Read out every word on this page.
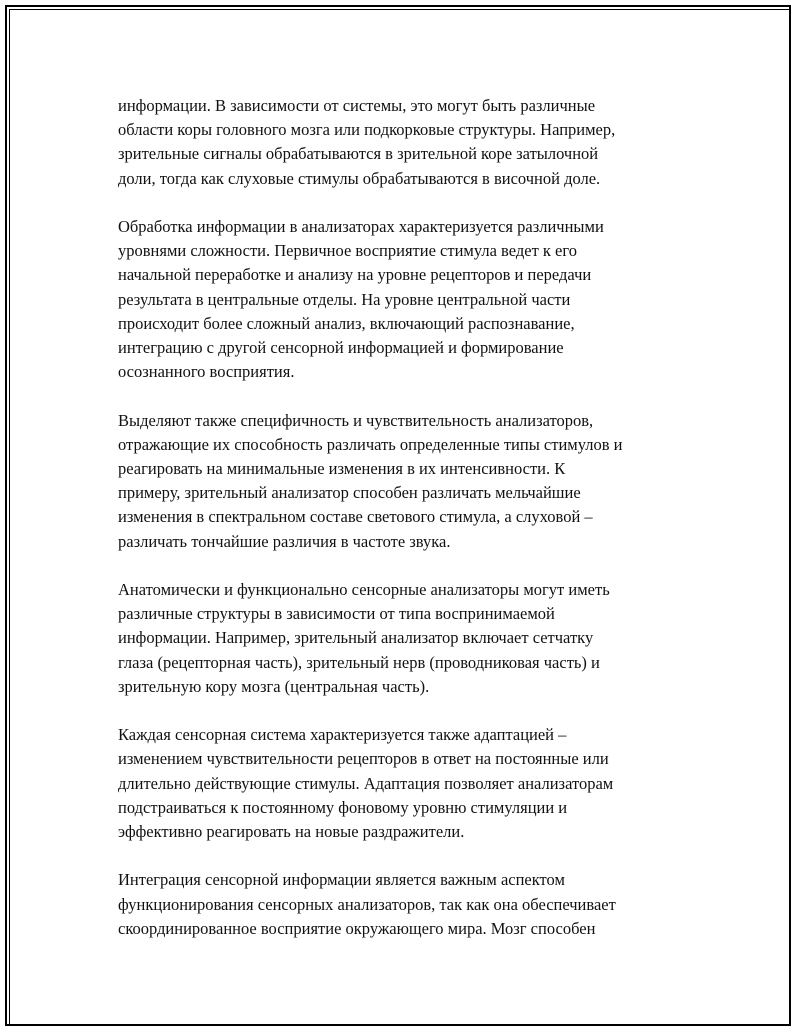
информации. В зависимости от системы, это могут быть различные
области коры головного мозга или подкорковые структуры. Например,
зрительные сигналы обрабатываются в зрительной коре затылочной
доли, тогда как слуховые стимулы обрабатываются в височной доле.

Обработка информации в анализаторах характеризуется различными
уровнями сложности. Первичное восприятие стимула ведет к его
начальной переработке и анализу на уровне рецепторов и передачи
результата в центральные отделы. На уровне центральной части
происходит более сложный анализ, включающий распознавание,
интеграцию с другой сенсорной информацией и формирование
осознанного восприятия.

Выделяют также специфичность и чувствительность анализаторов,
отражающие их способность различать определенные типы стимулов и
реагировать на минимальные изменения в их интенсивности. К
примеру, зрительный анализатор способен различать мельчайшие
изменения в спектральном составе светового стимула, а слуховой –
различать тончайшие различия в частоте звука.

Анатомически и функционально сенсорные анализаторы могут иметь
различные структуры в зависимости от типа воспринимаемой
информации. Например, зрительный анализатор включает сетчатку
глаза (рецепторная часть), зрительный нерв (проводниковая часть) и
зрительную кору мозга (центральная часть).

Каждая сенсорная система характеризуется также адаптацией –
изменением чувствительности рецепторов в ответ на постоянные или
длительно действующие стимулы. Адаптация позволяет анализаторам
подстраиваться к постоянному фоновому уровню стимуляции и
эффективно реагировать на новые раздражители.

Интеграция сенсорной информации является важным аспектом
функционирования сенсорных анализаторов, так как она обеспечивает
скоординированное восприятие окружающего мира. Мозг способен
